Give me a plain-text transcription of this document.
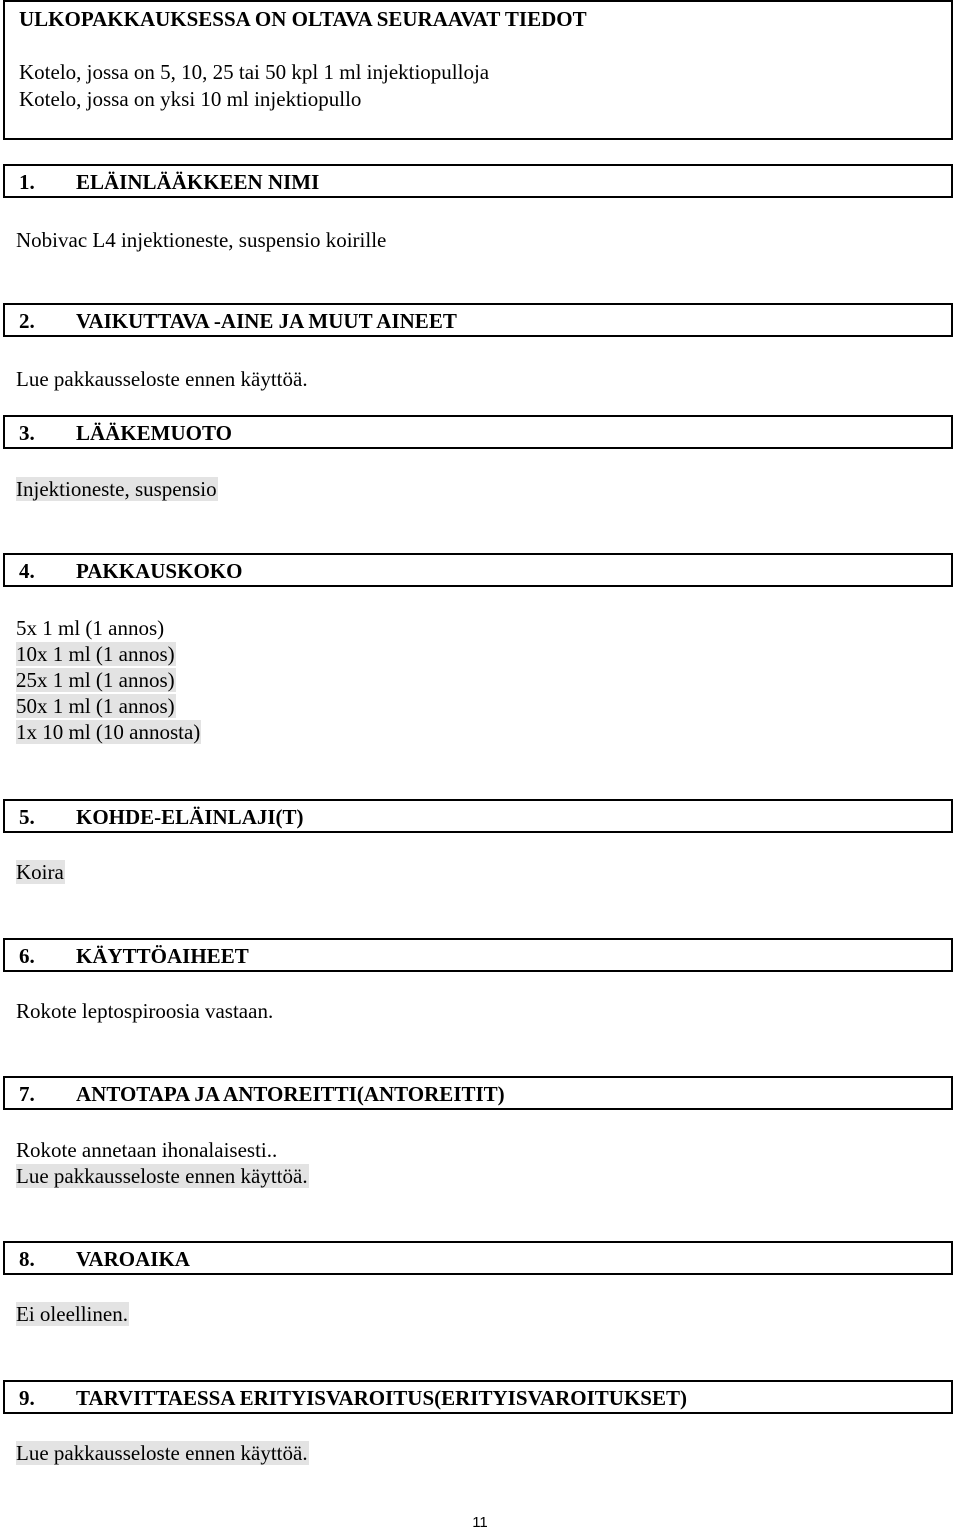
ULKOPAKKAUKSESSA ON OLTAVA SEURAAVAT TIEDOT
Kotelo, jossa on 5, 10, 25 tai 50 kpl 1 ml injektiopulloja
Kotelo, jossa on yksi 10 ml injektiopullo
1. ELÄINLÄÄKKEEN NIMI
Nobivac L4 injektioneste, suspensio koirille
2. VAIKUTTAVA -AINE JA MUUT AINEET
Lue pakkausseloste ennen käyttöä.
3. LÄÄKEMUOTO
Injektioneste, suspensio
4. PAKKAUSKOKO
5x 1 ml (1 annos)
10x 1 ml (1 annos)
25x 1 ml (1 annos)
50x 1 ml (1 annos)
1x 10 ml (10 annosta)
5. KOHDE-ELÄINLAJI(T)
Koira
6. KÄYTTÖAIHEET
Rokote leptospiroosia vastaan.
7. ANTOTAPA JA ANTOREITTI(ANTOREITIT)
Rokote annetaan ihonalaisesti..
Lue pakkausseloste ennen käyttöä.
8. VAROAIKA
Ei oleellinen.
9. TARVITTAESSA ERITYISVAROITUS(ERITYISVAROITUKSET)
Lue pakkausseloste ennen käyttöä.
11
